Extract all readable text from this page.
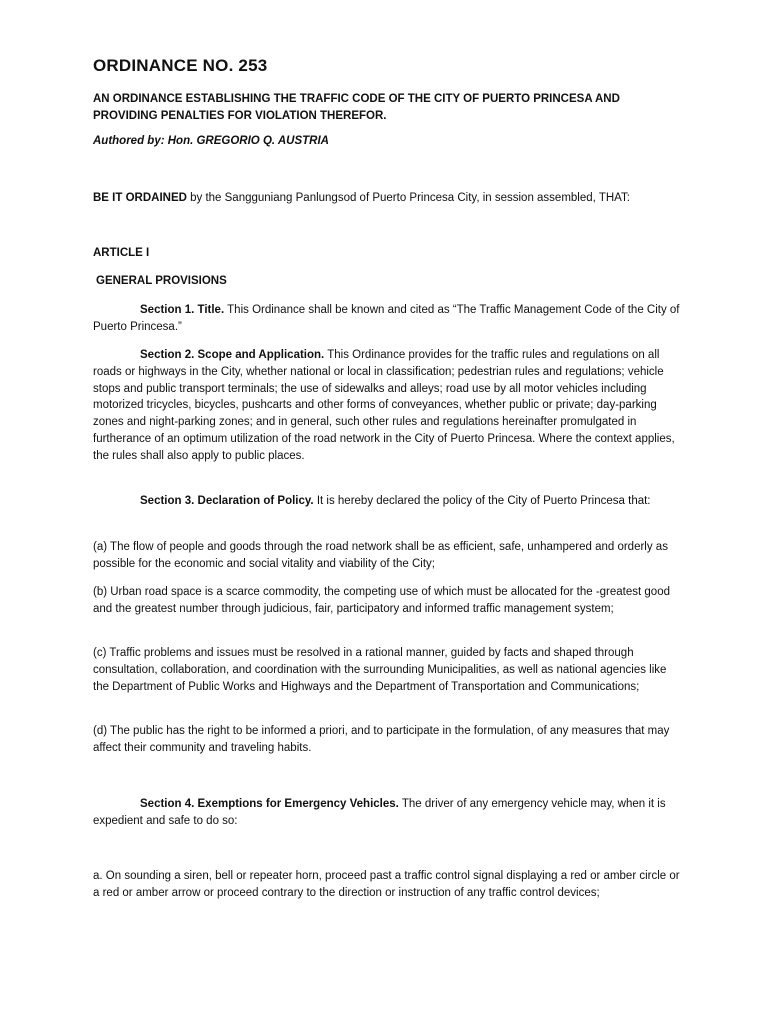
ORDINANCE NO. 253
AN ORDINANCE ESTABLISHING THE TRAFFIC CODE OF THE CITY OF PUERTO PRINCESA AND PROVIDING PENALTIES FOR VIOLATION THEREFOR.
Authored by: Hon. GREGORIO Q. AUSTRIA
BE IT ORDAINED by the Sangguniang Panlungsod of Puerto Princesa City, in session assembled, THAT:
ARTICLE I
GENERAL PROVISIONS
Section 1. Title. This Ordinance shall be known and cited as “The Traffic Management Code of the City of Puerto Princesa.”
Section 2. Scope and Application. This Ordinance provides for the traffic rules and regulations on all roads or highways in the City, whether national or local in classification; pedestrian rules and regulations; vehicle stops and public transport terminals; the use of sidewalks and alleys; road use by all motor vehicles including motorized tricycles, bicycles, pushcarts and other forms of conveyances, whether public or private; day-parking zones and night-parking zones; and in general, such other rules and regulations hereinafter promulgated in furtherance of an optimum utilization of the road network in the City of Puerto Princesa. Where the context applies, the rules shall also apply to public places.
Section 3. Declaration of Policy. It is hereby declared the policy of the City of Puerto Princesa that:
(a) The flow of people and goods through the road network shall be as efficient, safe, unhampered and orderly as possible for the economic and social vitality and viability of the City;
(b) Urban road space is a scarce commodity, the competing use of which must be allocated for the -greatest good and the greatest number through judicious, fair, participatory and informed traffic management system;
(c) Traffic problems and issues must be resolved in a rational manner, guided by facts and shaped through consultation, collaboration, and coordination with the surrounding Municipalities, as well as national agencies like the Department of Public Works and Highways and the Department of Transportation and Communications;
(d) The public has the right to be informed a priori, and to participate in the formulation, of any measures that may affect their community and traveling habits.
Section 4. Exemptions for Emergency Vehicles. The driver of any emergency vehicle may, when it is expedient and safe to do so:
a. On sounding a siren, bell or repeater horn, proceed past a traffic control signal displaying a red or amber circle or a red or amber arrow or proceed contrary to the direction or instruction of any traffic control devices;
